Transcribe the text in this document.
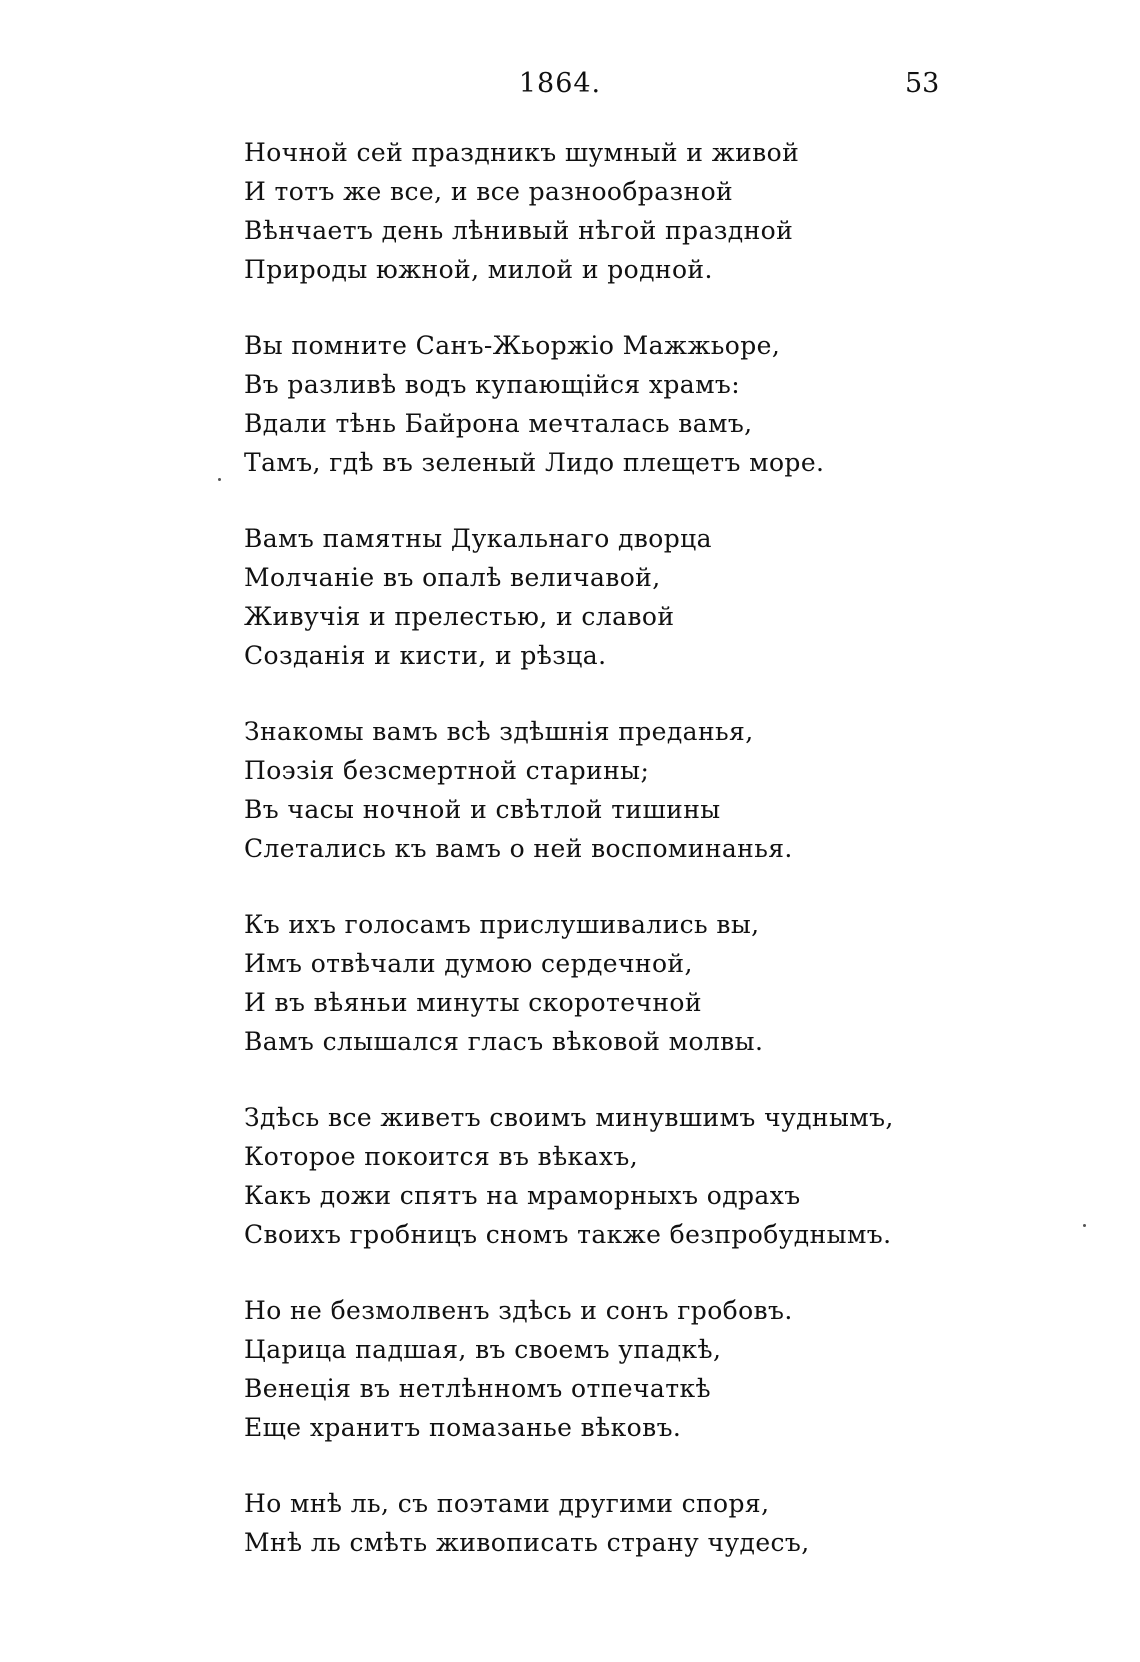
1864.	53
Ночной сей праздникъ шумный и живой
И тотъ же все, и все разнообразной
Вѣнчаетъ день лѣнивый нѣгой праздной
Природы южной, милой и родной.
Вы помните Санъ-Жьоржіо Мажжьоре,
Въ разливѣ водъ купающійся храмъ:
Вдали тѣнь Байрона мечталась вамъ,
Тамъ, гдѣ въ зеленый Лидо плещетъ море.
Вамъ памятны Дукальнаго дворца
Молчаніе въ опалѣ величавой,
Живучія и прелестью, и славой
Созданія и кисти, и рѣзца.
Знакомы вамъ всѣ здѣшнія преданья,
Поэзія безсмертной старины;
Въ часы ночной и свѣтлой тишины
Слетались къ вамъ о ней воспоминанья.
Къ ихъ голосамъ прислушивались вы,
Имъ отвѣчали думою сердечной,
И въ вѣяньи минуты скоротечной
Вамъ слышался гласъ вѣковой молвы.
Здѣсь все живетъ своимъ минувшимъ чуднымъ,
Которое покоится въ вѣкахъ,
Какъ дожи спятъ на мраморныхъ одрахъ
Своихъ гробницъ сномъ также безпробуднымъ.
Но не безмолвенъ здѣсь и сонъ гробовъ.
Царица падшая, въ своемъ упадкѣ,
Венеція въ нетлѣнномъ отпечаткѣ
Еще хранитъ помазанье вѣковъ.
Но мнѣ ль, съ поэтами другими споря,
Мнѣ ль смѣть живописать страну чудесъ,
